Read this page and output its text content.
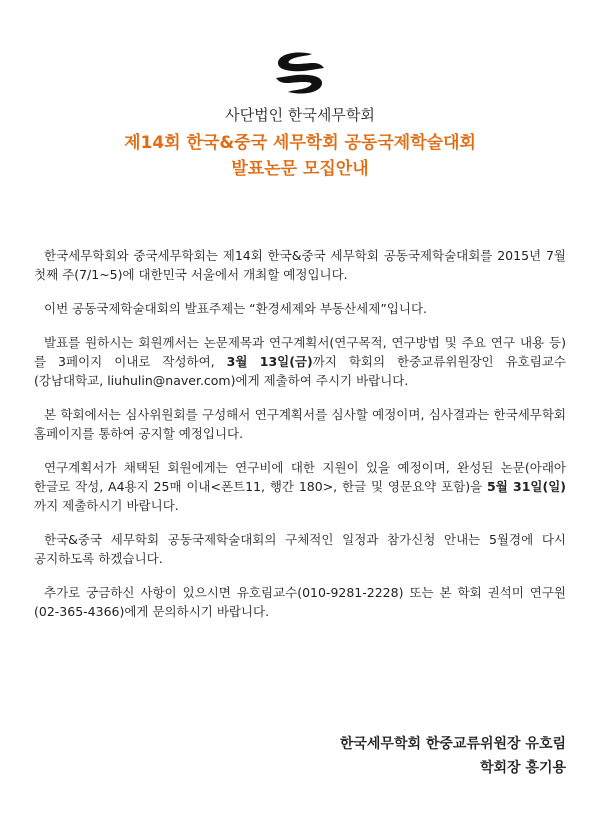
사단법인 한국세무학회
제14회 한국&중국 세무학회 공동국제학술대회
발표논문 모집안내

한국세무학회와 중국세무학회는 제14회 한국&중국 세무학회 공동국제학술대회를 2015년 7월 첫째 주(7/1~5)에 대한민국 서울에서 개최할 예정입니다.

이번 공동국제학술대회의 발표주제는 “환경세제와 부동산세제”입니다.

발표를 원하시는 회원께서는 논문제목과 연구계획서(연구목적, 연구방법 및 주요 연구 내용 등)를 3페이지 이내로 작성하여, 3월 13일(금)까지 학회의 한중교류위원장인 유호림교수(강남대학교, liuhulin@naver.com)에게 제출하여 주시기 바랍니다.

본 학회에서는 심사위원회를 구성해서 연구계획서를 심사할 예정이며, 심사결과는 한국세무학회 홈페이지를 통하여 공지할 예정입니다.

연구계획서가 채택된 회원에게는 연구비에 대한 지원이 있을 예정이며, 완성된 논문(아래아 한글로 작성, A4용지 25매 이내<폰트11, 행간 180>, 한글 및 영문요약 포함)을 5월 31일(일)까지 제출하시기 바랍니다.

한국&중국 세무학회 공동국제학술대회의 구체적인 일정과 참가신청 안내는 5월경에 다시 공지하도록 하겠습니다.

추가로 궁금하신 사항이 있으시면 유호림교수(010-9281-2228) 또는 본 학회 권석미 연구원(02-365-4366)에게 문의하시기 바랍니다.

한국세무학회 한중교류위원장 유호림
학회장 홍기용
